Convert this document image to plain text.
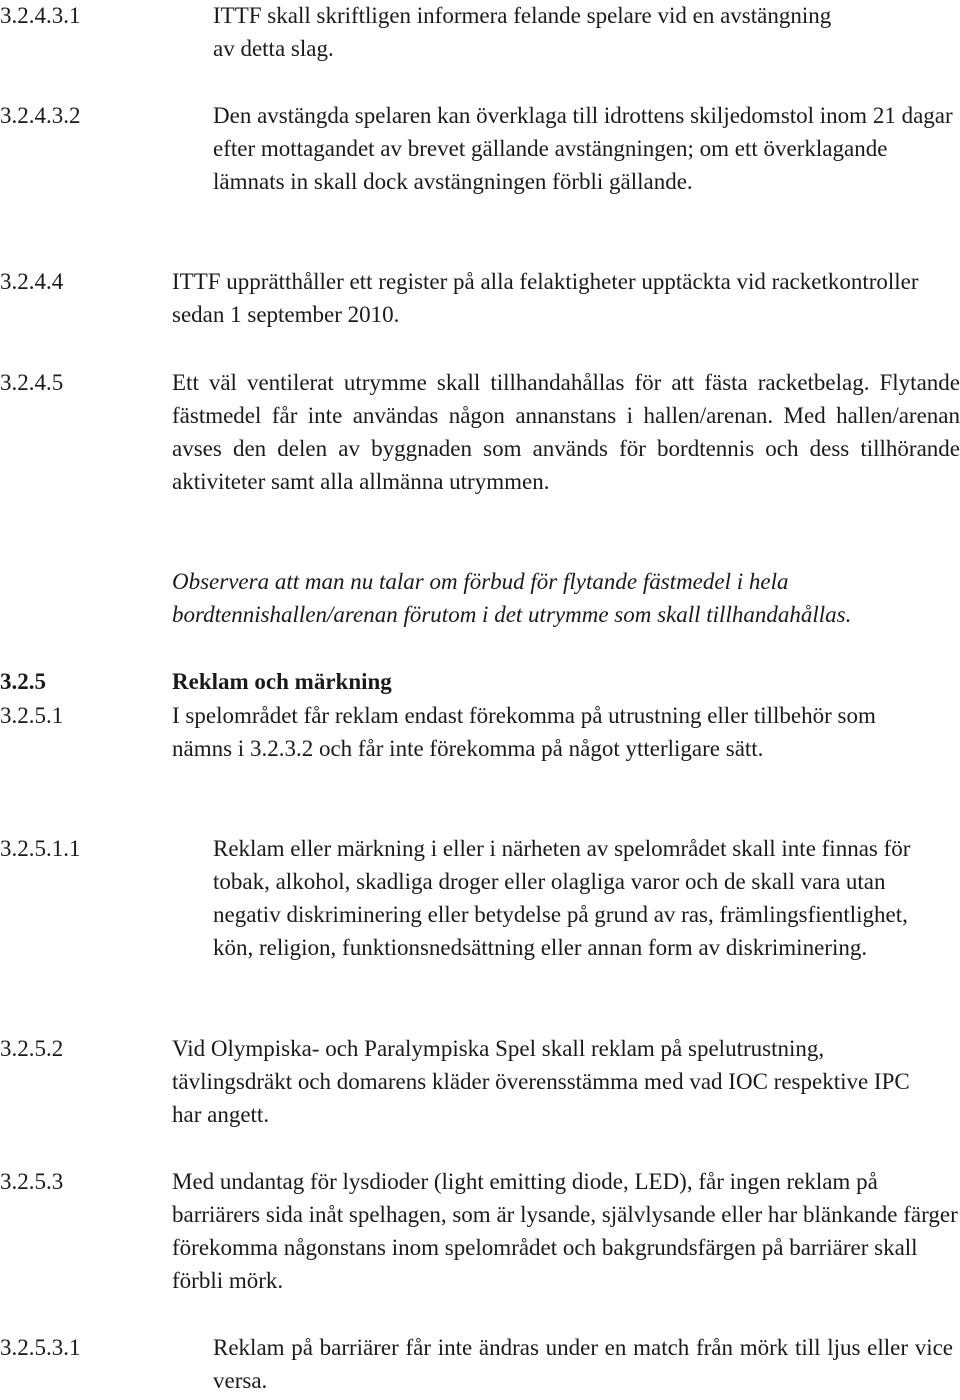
3.2.4.3.1	ITTF skall skriftligen informera felande spelare vid en avstängning av detta slag.

3.2.4.3.2	Den avstängda spelaren kan överklaga till idrottens skiljedomstol inom 21 dagar efter mottagandet av brevet gällande avstängningen; om ett överklagande lämnats in skall dock avstängningen förbli gällande.

3.2.4.4	ITTF upprätthåller ett register på alla felaktigheter upptäckta vid racketkontroller sedan 1 september 2010.

3.2.4.5	Ett väl ventilerat utrymme skall tillhandahållas för att fästa racketbelag. Flytande fästmedel får inte användas någon annanstans i hallen/arenan. Med hallen/arenan avses den delen av byggnaden som används för bordtennis och dess tillhörande aktiviteter samt alla allmänna utrymmen.

Observera att man nu talar om förbud för flytande fästmedel i hela bordtennishallen/arenan förutom i det utrymme som skall tillhandahållas.

3.2.5	Reklam och märkning
3.2.5.1	I spelområdet får reklam endast förekomma på utrustning eller tillbehör som nämns i 3.2.3.2 och får inte förekomma på något ytterligare sätt.

3.2.5.1.1	Reklam eller märkning i eller i närheten av spelområdet skall inte finnas för tobak, alkohol, skadliga droger eller olagliga varor och de skall vara utan negativ diskriminering eller betydelse på grund av ras, främlingsfientlighet, kön, religion, funktionsnedsättning eller annan form av diskriminering.

3.2.5.2	Vid Olympiska- och Paralympiska Spel skall reklam på spelutrustning, tävlingsdräkt och domarens kläder överensstämma med vad IOC respektive IPC har angett.

3.2.5.3	Med undantag för lysdioder (light emitting diode, LED), får ingen reklam på barriärers sida inåt spelhagen, som är lysande, självlysande eller har blänkande färger förekomma någonstans inom spelområdet och bakgrundsfärgen på barriärer skall förbli mörk.

3.2.5.3.1	Reklam på barriärer får inte ändras under en match från mörk till ljus eller vice versa.
